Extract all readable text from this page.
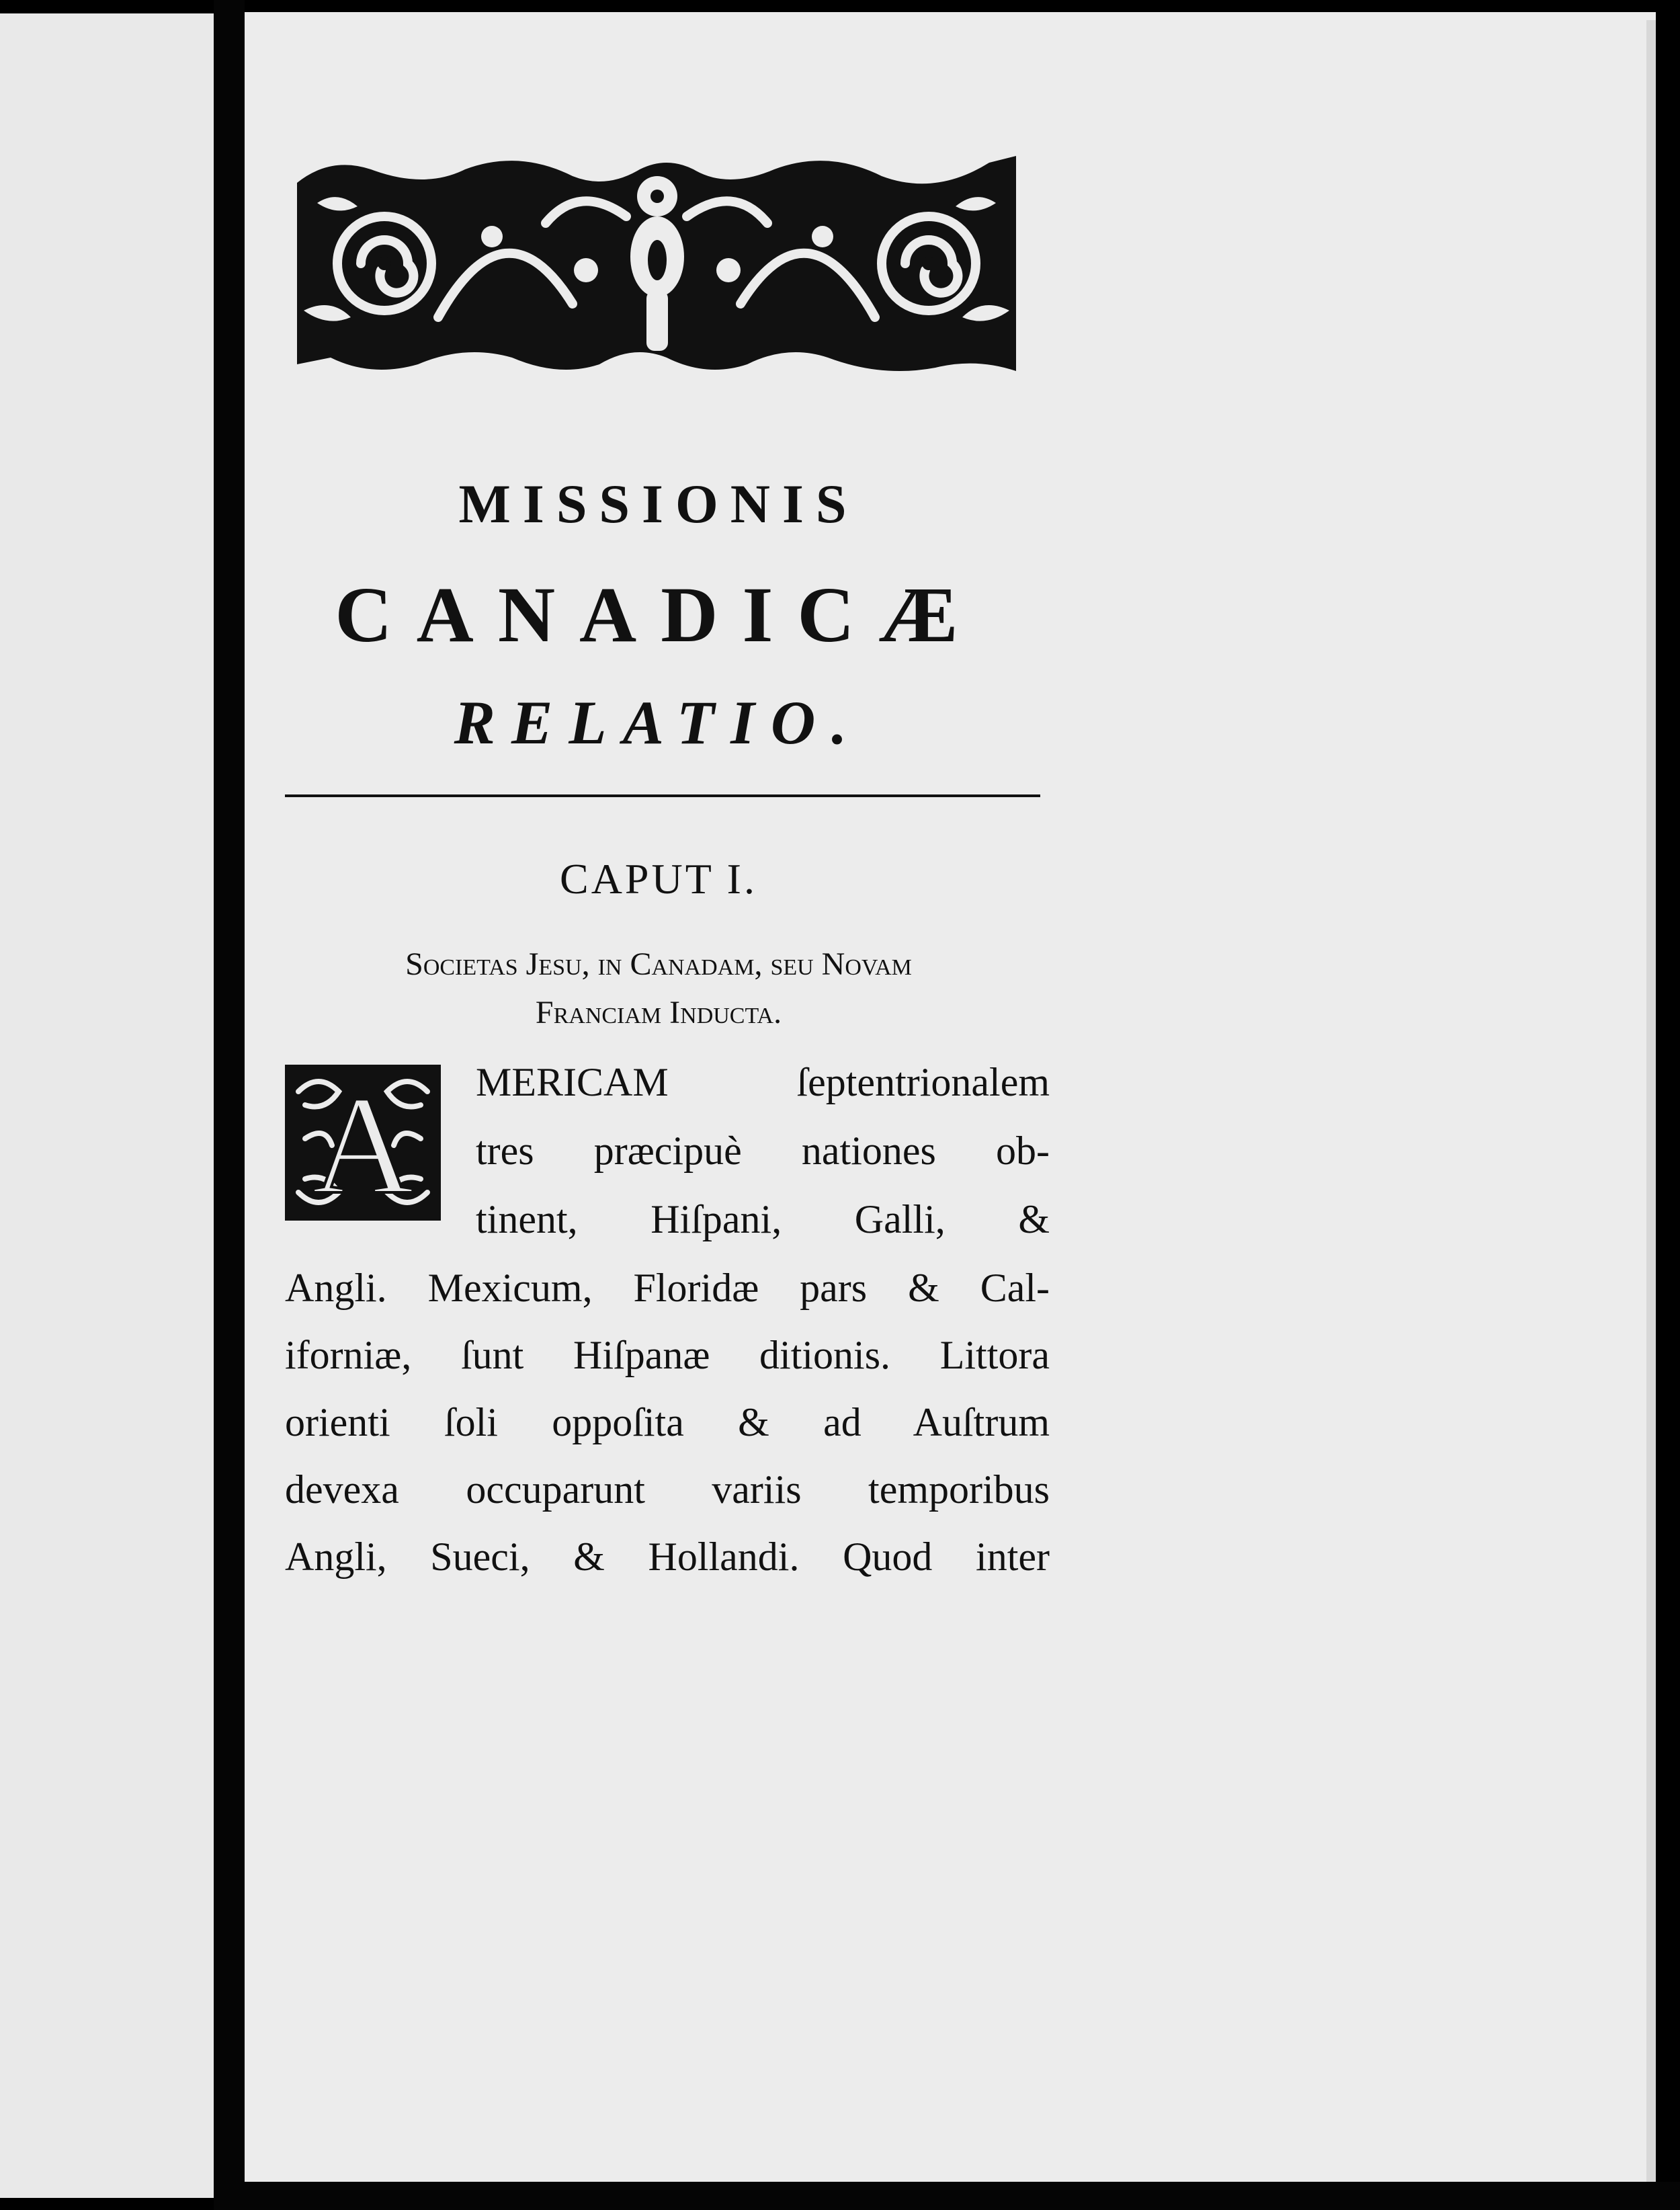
MISSIONIS
CANADICÆ
RELATIO.
CAPUT I.
Societas Jesu, in Canadam, seu Novam
Franciam Inducta.
A MERICAM ſeptentrionalem

tres præcipuè nationes ob-

tinent, Hiſpani, Galli, &

Angli. Mexicum, Floridæ pars & Cal-

iforniæ, ſunt Hiſpanæ ditionis. Littora

orienti ſoli oppoſita & ad Auſtrum

devexa occuparunt variis temporibus

Angli, Sueci, & Hollandi. Quod inter
